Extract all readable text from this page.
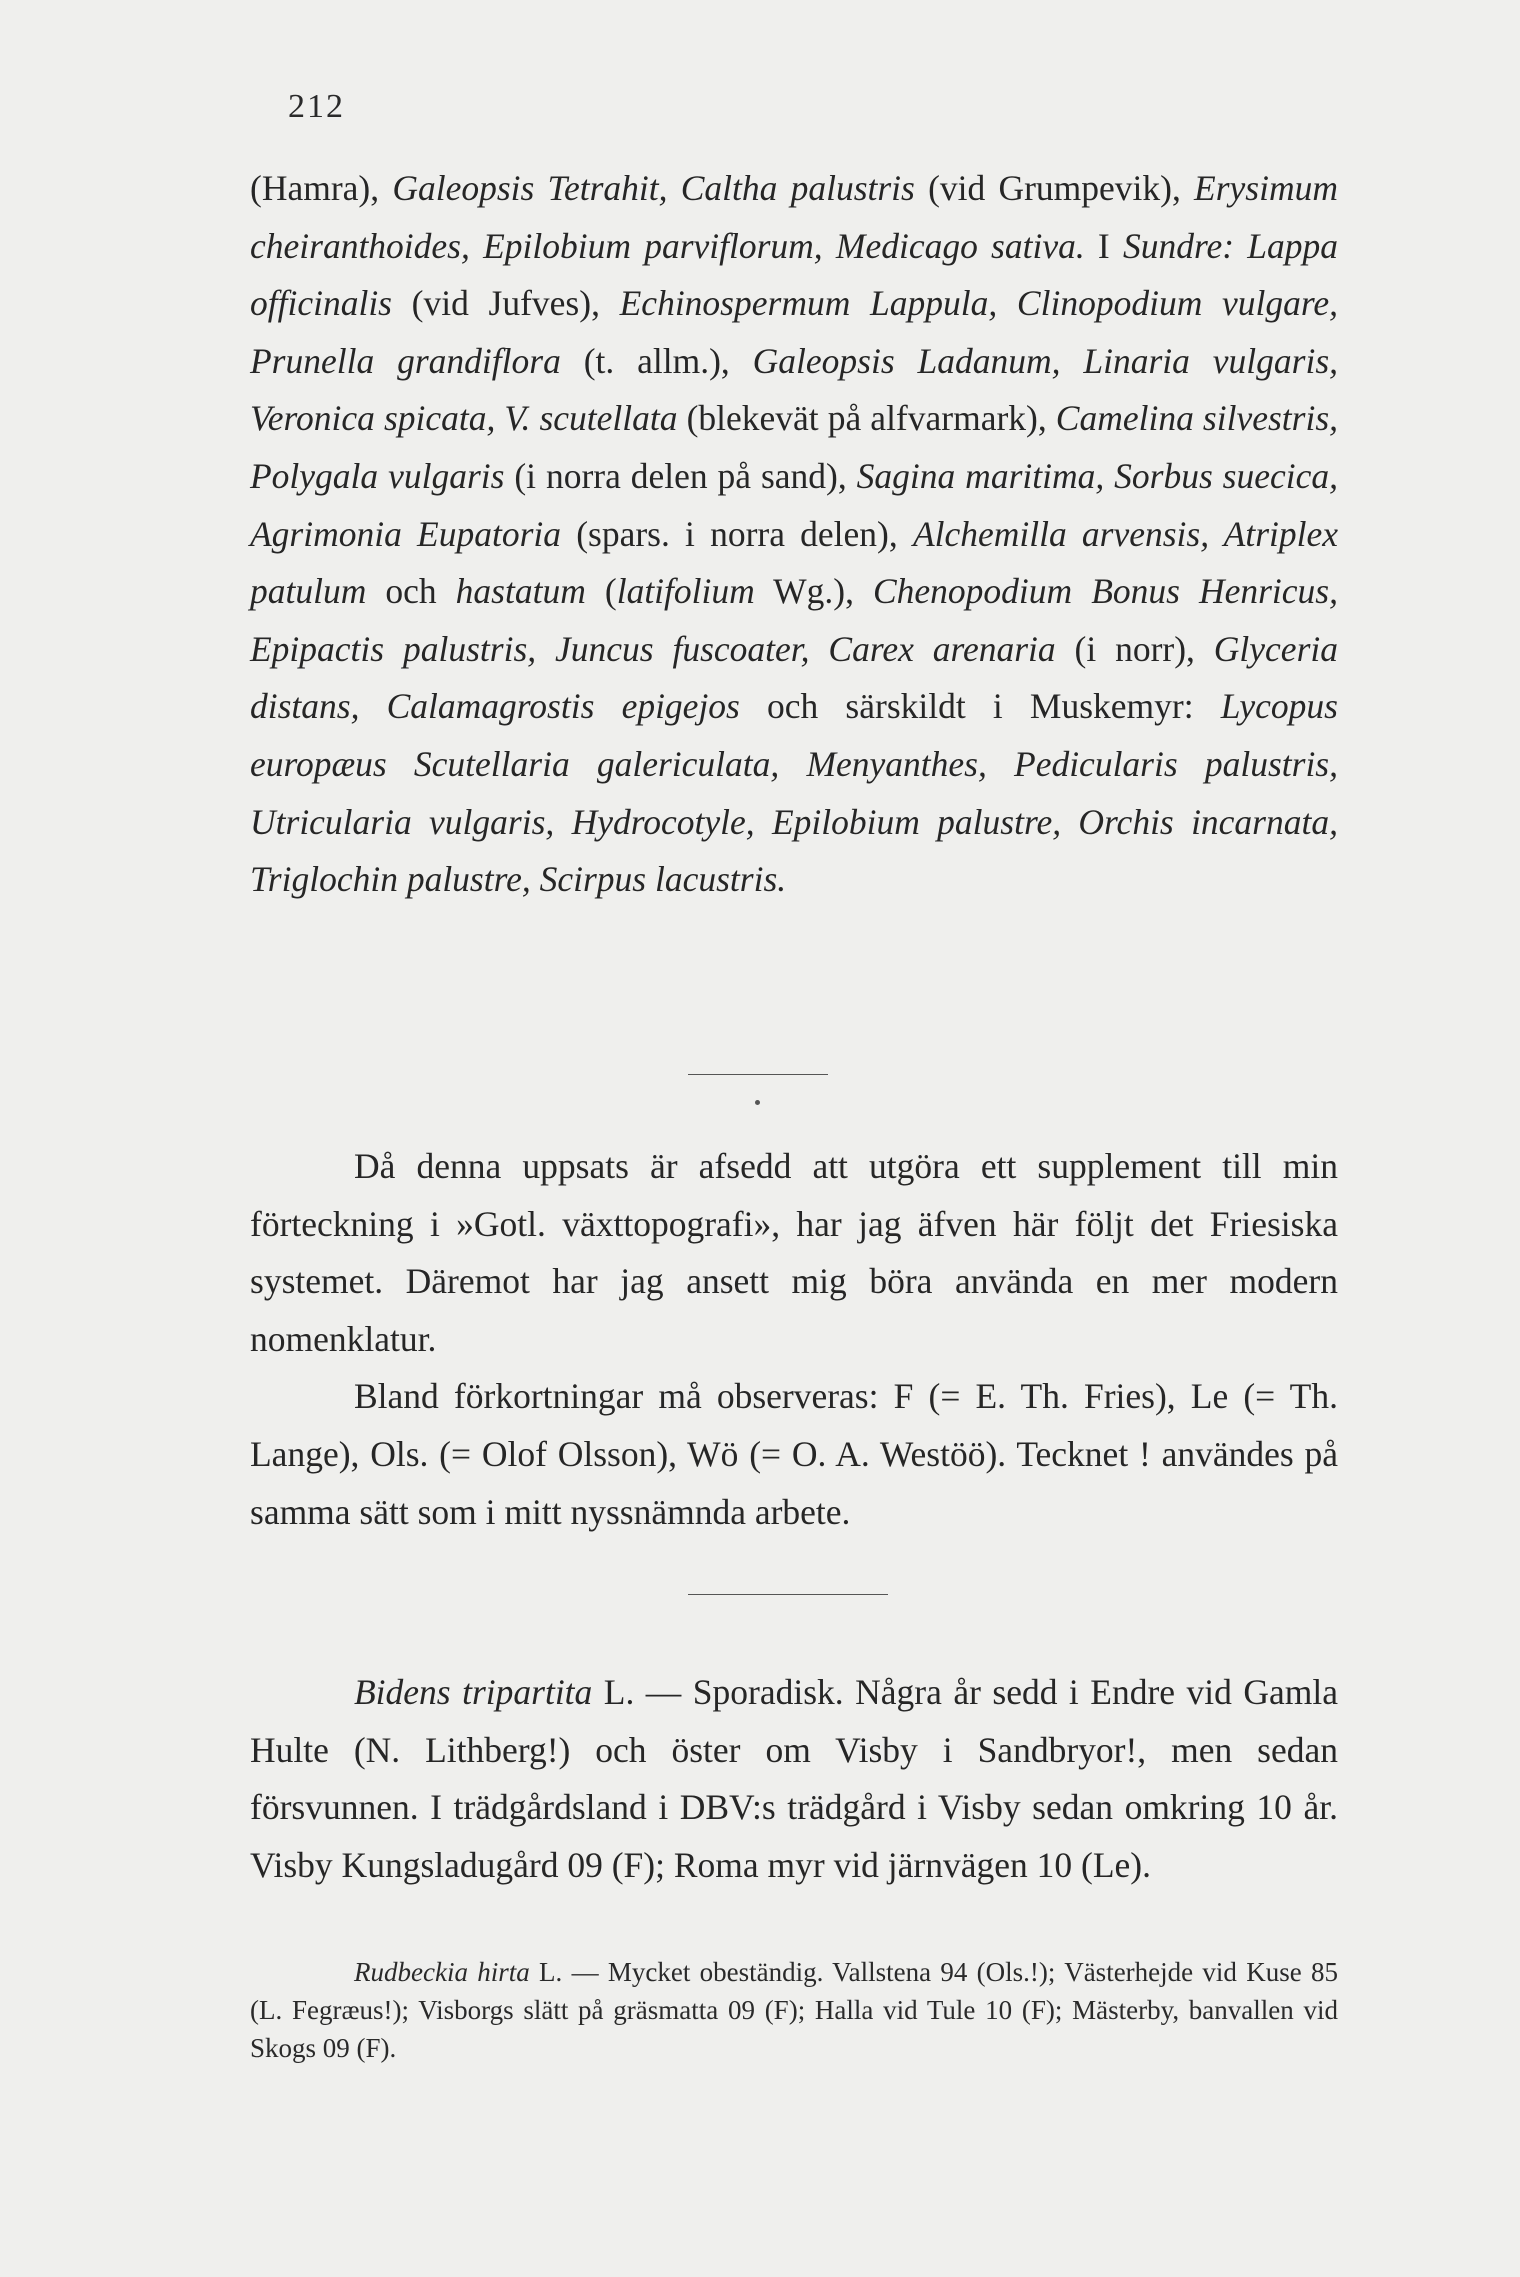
212

(Hamra), Galeopsis Tetrahit, Caltha palustris (vid Grumpevik), Erysimum cheiranthoides, Epilobium parviflorum, Medicago sativa. I Sundre: Lappa officinalis (vid Jufves), Echinospermum Lappula, Clinopodium vulgare, Prunella grandiflora (t. allm.), Galeopsis Ladanum, Linaria vulgaris, Veronica spicata, V. scutellata (blekevät på alfvarmark), Camelina silvestris, Polygala vulgaris (i norra delen på sand), Sagina maritima, Sorbus suecica, Agrimonia Eupatoria (spars. i norra delen), Alchemilla arvensis, Atriplex patulum och hastatum (latifolium Wg.), Chenopodium Bonus Henricus, Epipactis palustris, Juncus fuscoater, Carex arenaria (i norr), Glyceria distans, Calamagrostis epigejos och särskildt i Muskemyr: Lycopus europæus Scutellaria galericulata, Menyanthes, Pedicularis palustris, Utricularia vulgaris, Hydrocotyle, Epilobium palustre, Orchis incarnata, Triglochin palustre, Scirpus lacustris.

Då denna uppsats är afsedd att utgöra ett supplement till min förteckning i »Gotl. växttopografi», har jag äfven här följt det Friesiska systemet. Däremot har jag ansett mig böra använda en mer modern nomenklatur.

Bland förkortningar må observeras: F (= E. Th. Fries), Le (= Th. Lange), Ols. (= Olof Olsson), Wö (= O. A. Westöö). Tecknet ! användes på samma sätt som i mitt nyssnämnda arbete.

Bidens tripartita L. — Sporadisk. Några år sedd i Endre vid Gamla Hulte (N. Lithberg!) och öster om Visby i Sandbryor!, men sedan försvunnen. I trädgårdsland i DBV:s trädgård i Visby sedan omkring 10 år. Visby Kungsladugård 09 (F); Roma myr vid järnvägen 10 (Le).

Rudbeckia hirta L. — Mycket obeständig. Vallstena 94 (Ols.!); Västerhejde vid Kuse 85 (L. Fegræus!); Visborgs slätt på gräsmatta 09 (F); Halla vid Tule 10 (F); Mästerby, banvallen vid Skogs 09 (F).
